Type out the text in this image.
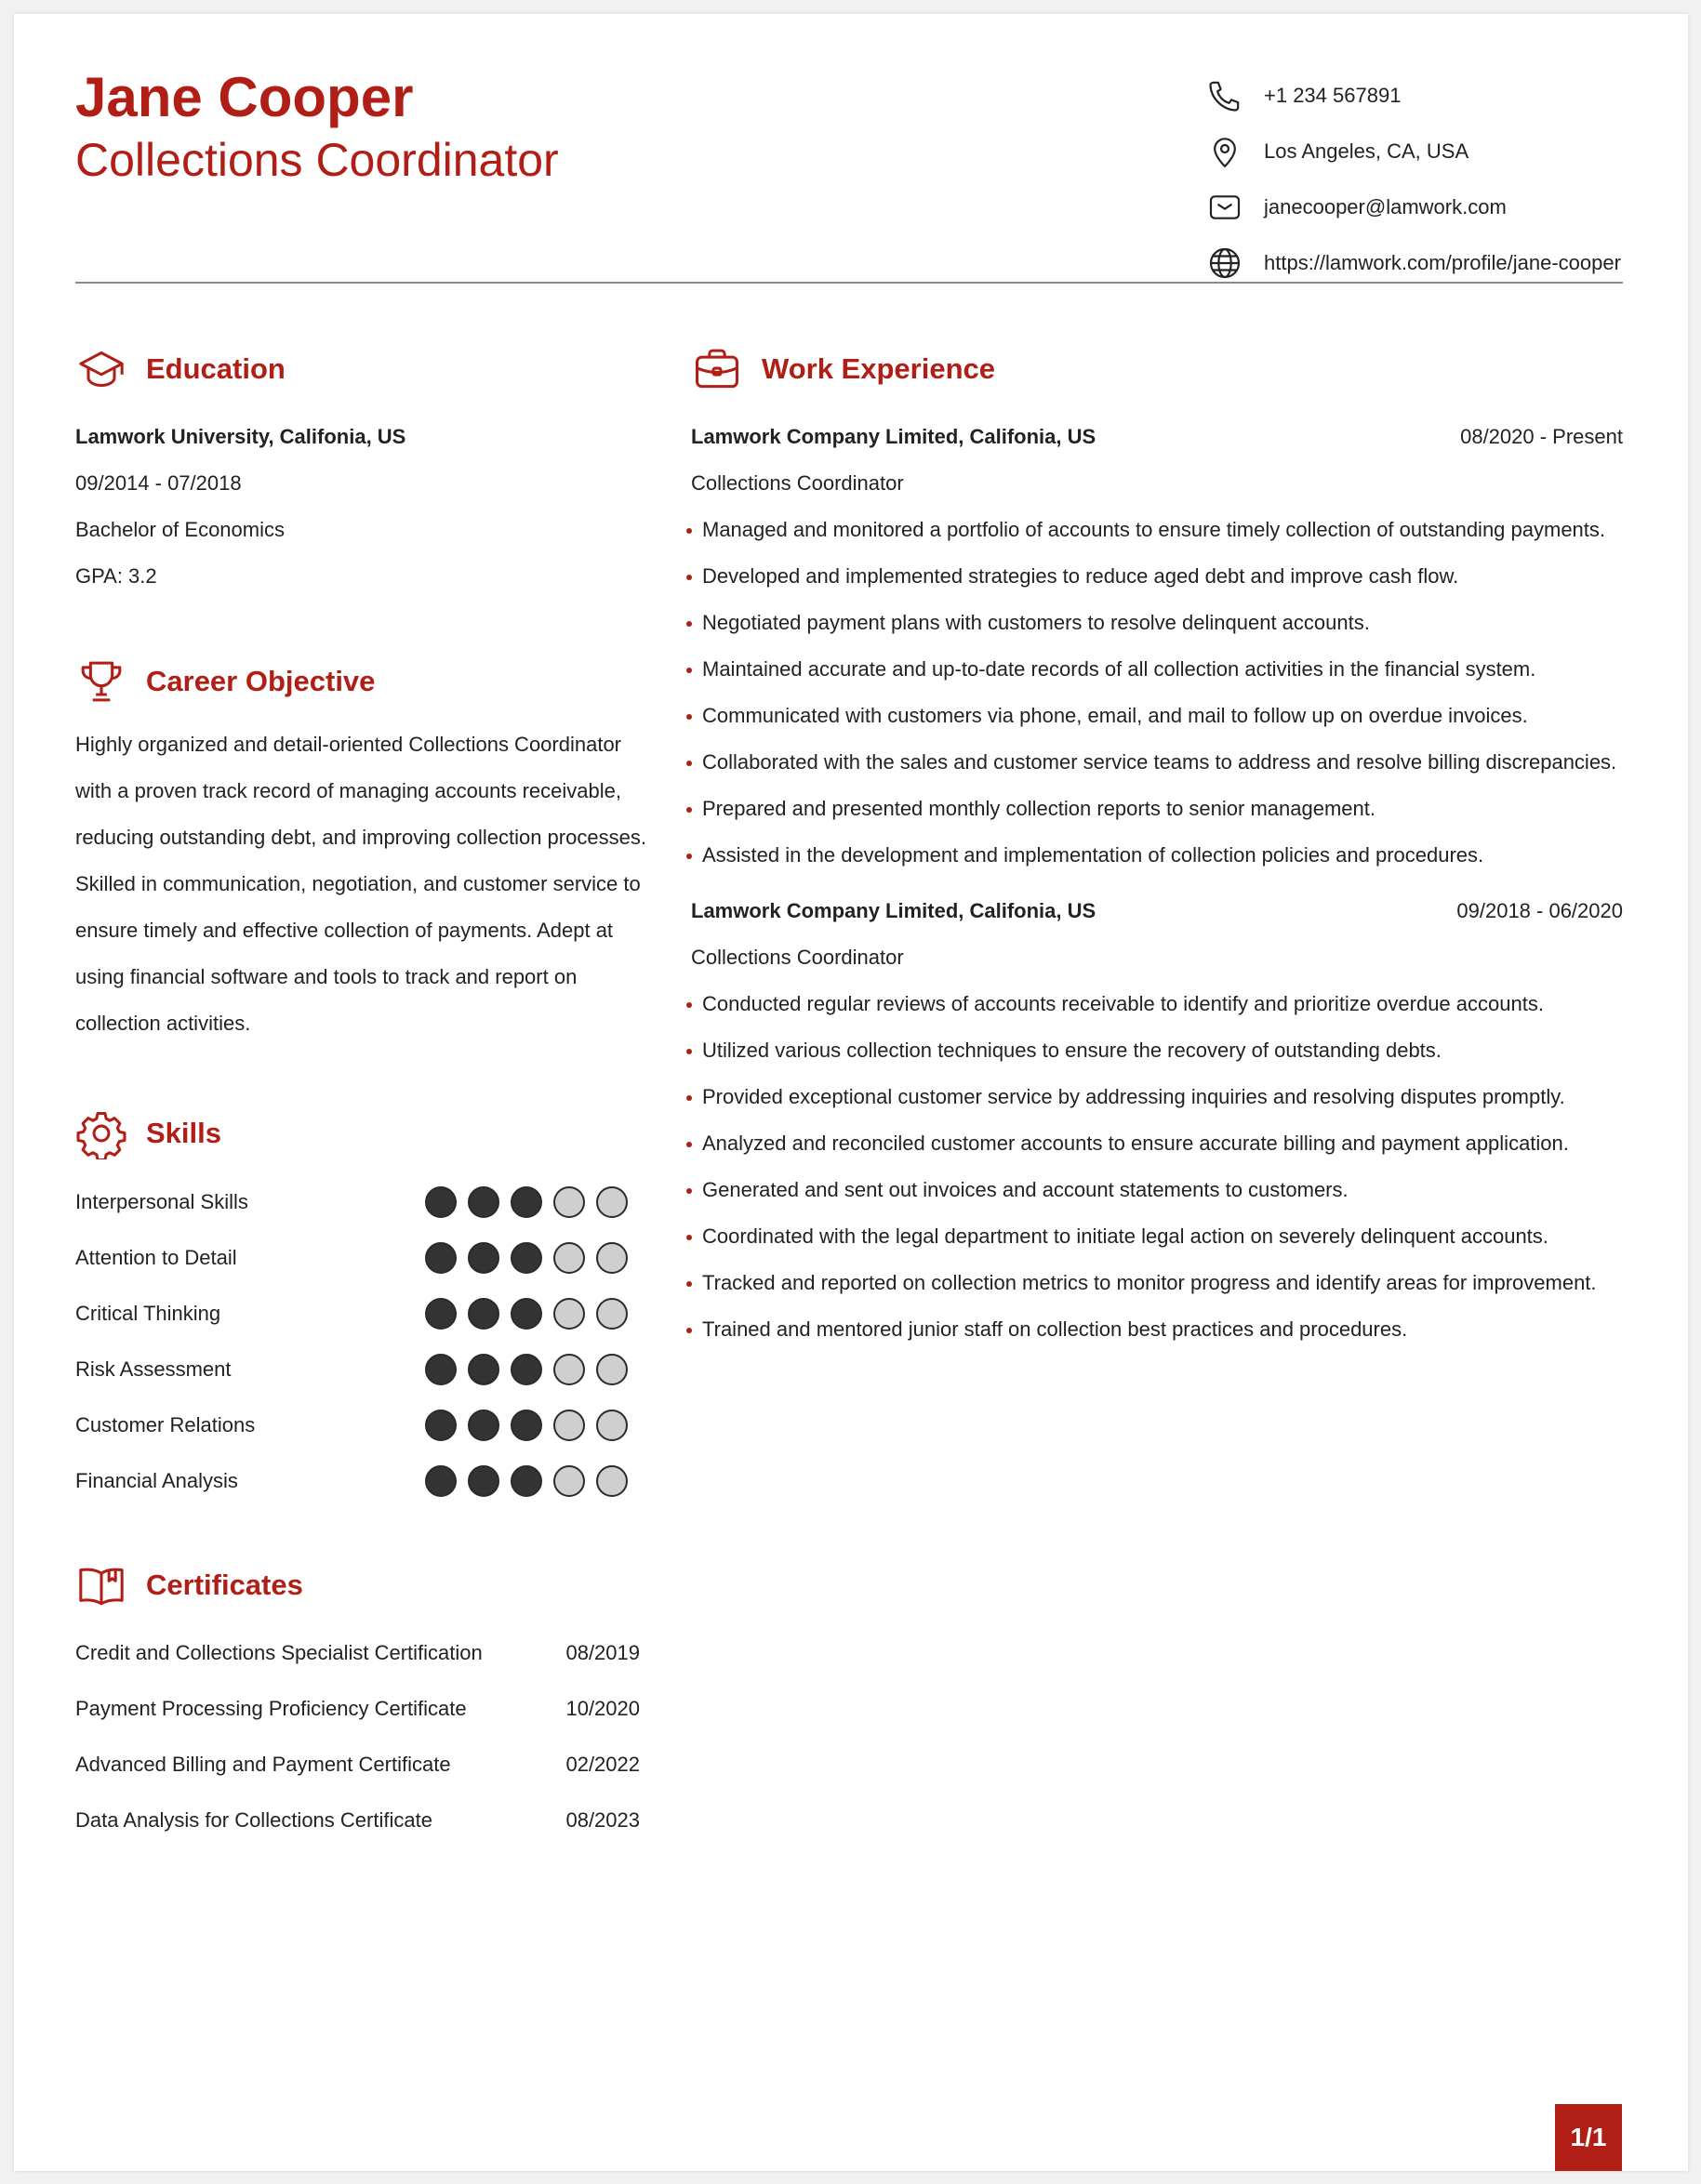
Jane Cooper
Collections Coordinator
+1 234 567891
Los Angeles, CA, USA
janecooper@lamwork.com
https://lamwork.com/profile/jane-cooper
Education
Lamwork University, Califonia, US
09/2014 - 07/2018
Bachelor of Economics
GPA: 3.2
Career Objective

Highly organized and detail-oriented Collections Coordinator with a proven track record of managing accounts receivable, reducing outstanding debt, and improving collection processes. Skilled in communication, negotiation, and customer service to ensure timely and effective collection of payments. Adept at using financial software and tools to track and report on collection activities.

Skills
Certificates
Work Experience
1/1
Interpersonal Skills
Attention to Detail
Critical Thinking
Risk Assessment
Customer Relations
Financial Analysis
Credit and Collections Specialist Certification	08/2019
Payment Processing Proficiency Certificate	10/2020
Advanced Billing and Payment Certificate	02/2022
Data Analysis for Collections Certificate	08/2023
Lamwork Company Limited, Califonia, US	08/2020 - Present
Collections Coordinator
Managed and monitored a portfolio of accounts to ensure timely collection of outstanding payments.
Developed and implemented strategies to reduce aged debt and improve cash flow.
Negotiated payment plans with customers to resolve delinquent accounts.
Maintained accurate and up-to-date records of all collection activities in the financial system.
Communicated with customers via phone, email, and mail to follow up on overdue invoices.
Collaborated with the sales and customer service teams to address and resolve billing discrepancies.
Prepared and presented monthly collection reports to senior management.
Assisted in the development and implementation of collection policies and procedures.
Lamwork Company Limited, Califonia, US	09/2018 - 06/2020
Collections Coordinator
Conducted regular reviews of accounts receivable to identify and prioritize overdue accounts.
Utilized various collection techniques to ensure the recovery of outstanding debts.
Provided exceptional customer service by addressing inquiries and resolving disputes promptly.
Analyzed and reconciled customer accounts to ensure accurate billing and payment application.
Generated and sent out invoices and account statements to customers.
Coordinated with the legal department to initiate legal action on severely delinquent accounts.
Tracked and reported on collection metrics to monitor progress and identify areas for improvement.
Trained and mentored junior staff on collection best practices and procedures.
